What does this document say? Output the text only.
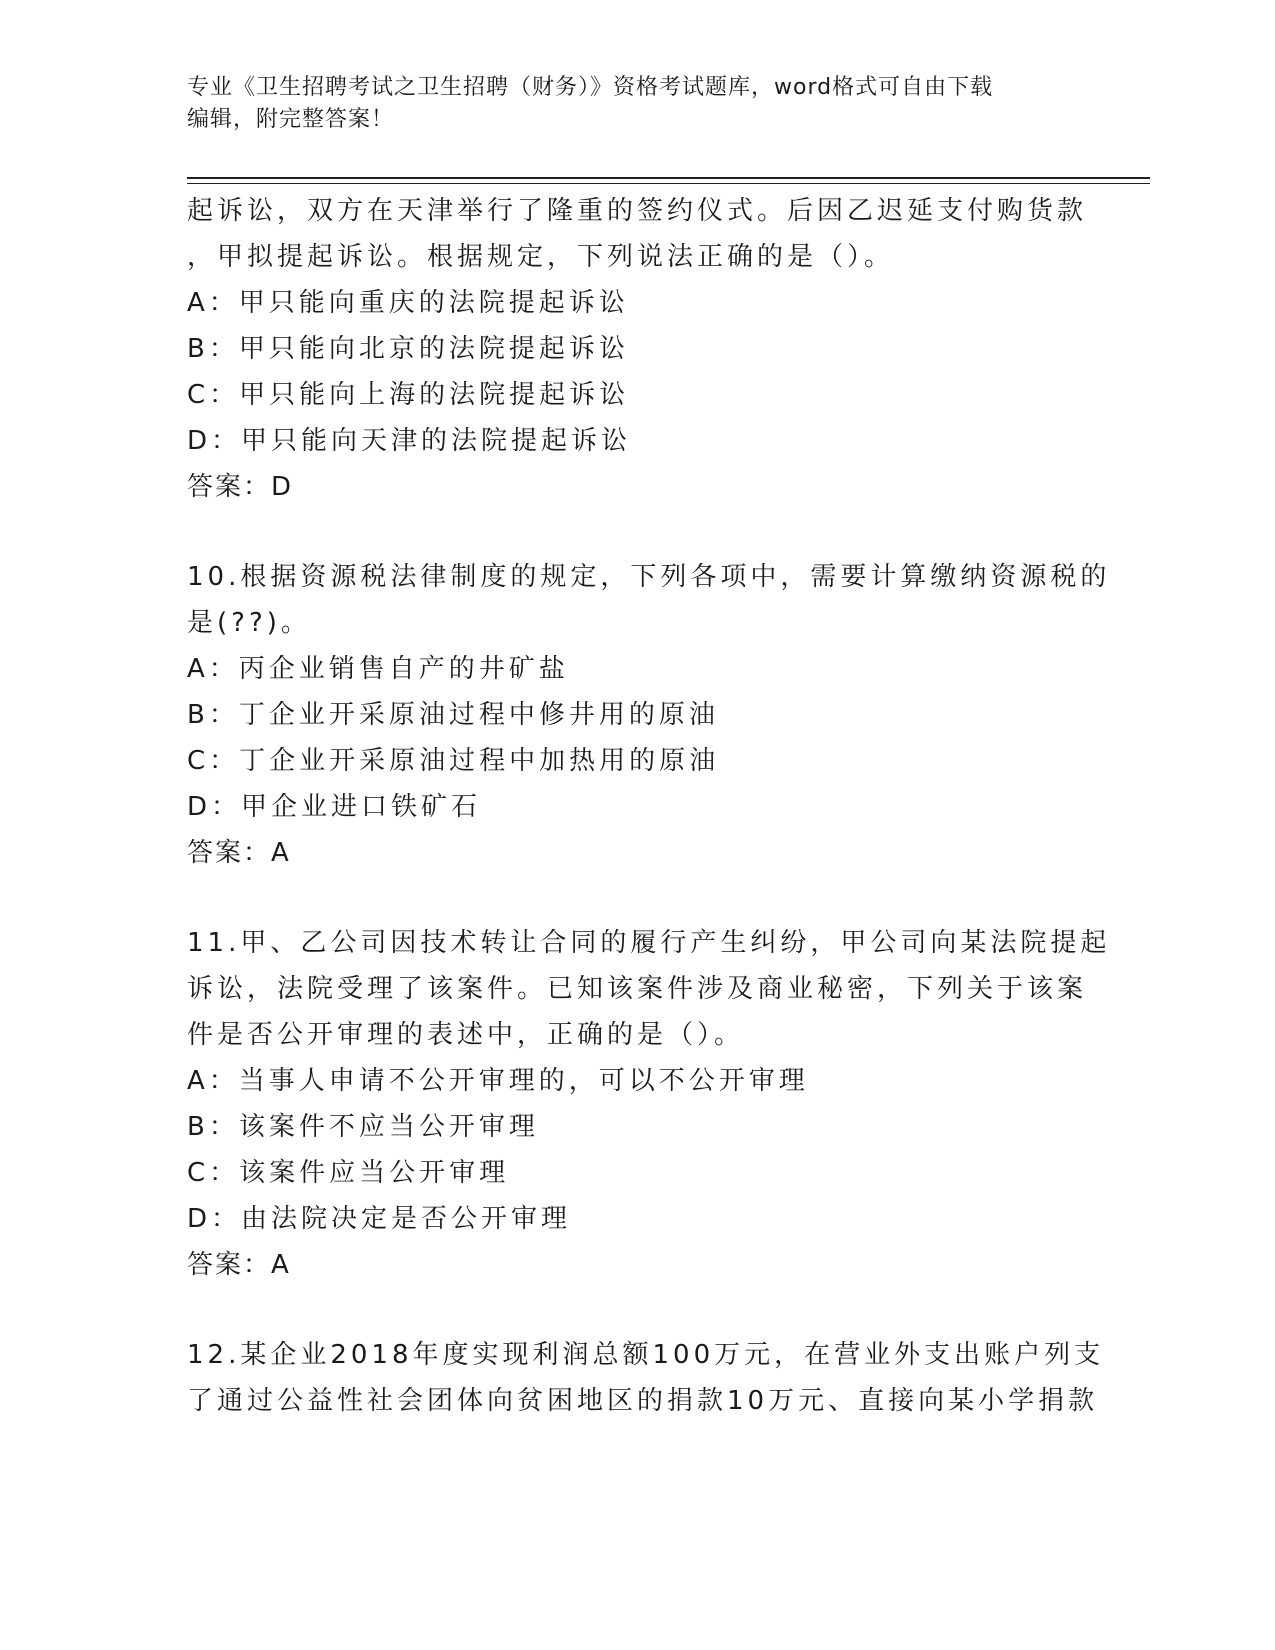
专业《卫生招聘考试之卫生招聘（财务）》资格考试题库，word格式可自由下载
编辑，附完整答案！
起诉讼，双方在天津举行了隆重的签约仪式。后因乙迟延支付购货款
，甲拟提起诉讼。根据规定，下列说法正确的是（）。
A：甲只能向重庆的法院提起诉讼
B：甲只能向北京的法院提起诉讼
C：甲只能向上海的法院提起诉讼
D：甲只能向天津的法院提起诉讼
答案：D
10.根据资源税法律制度的规定，下列各项中，需要计算缴纳资源税的
是(??)。
A：丙企业销售自产的井矿盐
B：丁企业开采原油过程中修井用的原油
C：丁企业开采原油过程中加热用的原油
D：甲企业进口铁矿石
答案：A
11.甲、乙公司因技术转让合同的履行产生纠纷，甲公司向某法院提起
诉讼，法院受理了该案件。已知该案件涉及商业秘密，下列关于该案
件是否公开审理的表述中，正确的是（）。
A：当事人申请不公开审理的，可以不公开审理
B：该案件不应当公开审理
C：该案件应当公开审理
D：由法院决定是否公开审理
答案：A
12.某企业2018年度实现利润总额100万元，在营业外支出账户列支
了通过公益性社会团体向贫困地区的捐款10万元、直接向某小学捐款
